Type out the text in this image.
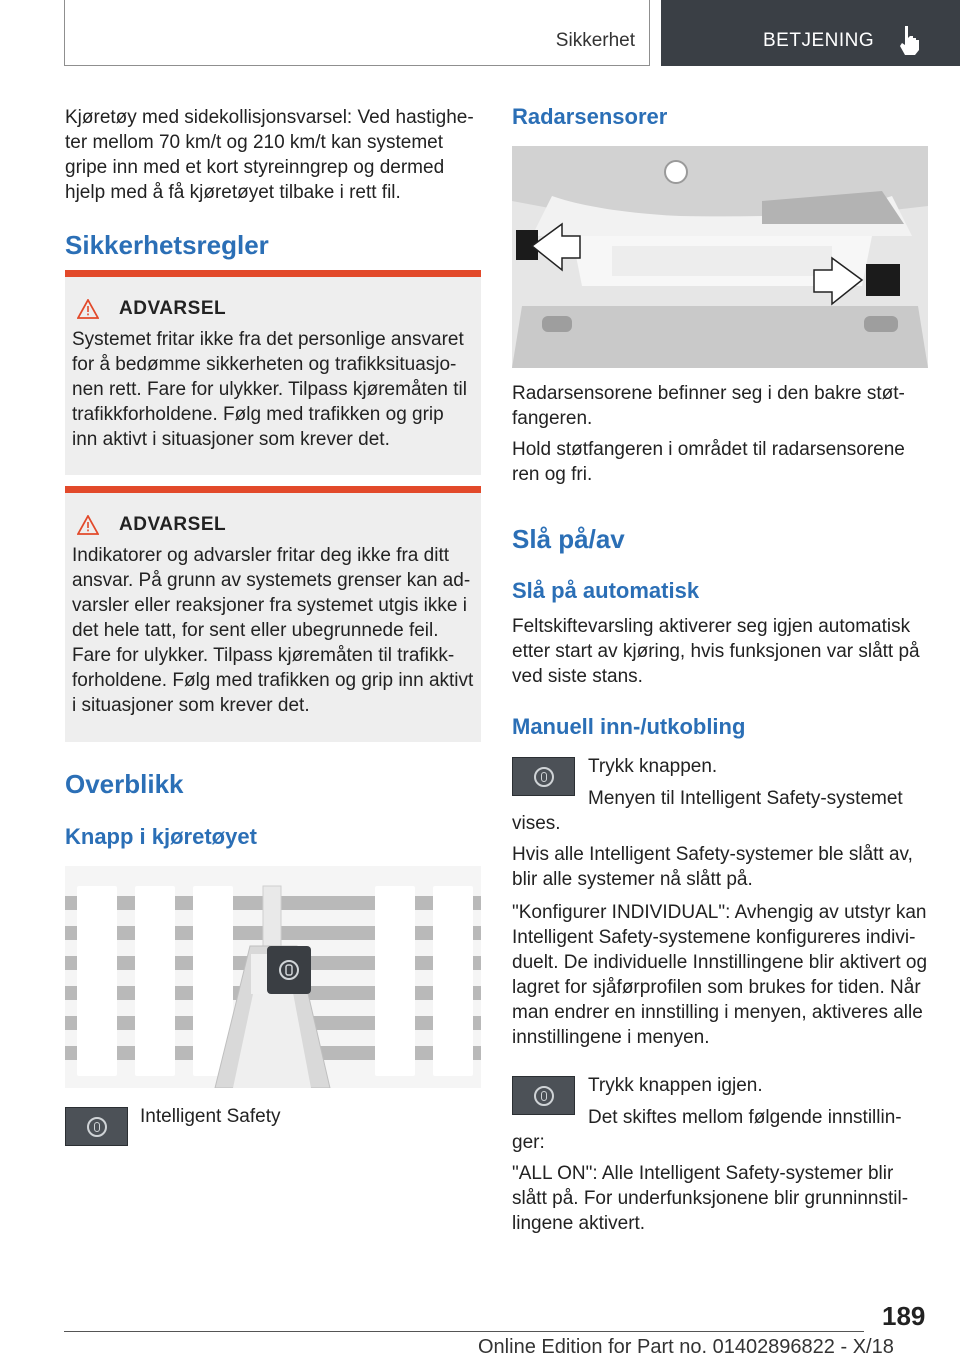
Sikkerhet	BETJENING
Kjøretøy med sidekollisjonsvarsel: Ved hastighe‐
ter mellom 70 km/t og 210 km/t kan systemet
gripe inn med et kort styreinngrep og dermed
hjelp med å få kjøretøyet tilbake i rett fil.
Sikkerhetsregler
ADVARSEL
Systemet fritar ikke fra det personlige ansvaret
for å bedømme sikkerheten og trafikksituasjo‐
nen rett. Fare for ulykker. Tilpass kjøremåten til
trafikkforholdene. Følg med trafikken og grip
inn aktivt i situasjoner som krever det.
ADVARSEL
Indikatorer og advarsler fritar deg ikke fra ditt
ansvar. På grunn av systemets grenser kan ad‐
varsler eller reaksjoner fra systemet utgis ikke i
det hele tatt, for sent eller ubegrunnede feil.
Fare for ulykker. Tilpass kjøremåten til trafikk‐
forholdene. Følg med trafikken og grip inn aktivt
i situasjoner som krever det.
Overblikk
Knapp i kjøretøyet
Intelligent Safety
Radarsensorer
Radarsensorene befinner seg i den bakre støt‐
fangeren.
Hold støtfangeren i området til radarsensorene
ren og fri.
Slå på/av
Slå på automatisk
Feltskiftevarsling aktiverer seg igjen automatisk
etter start av kjøring, hvis funksjonen var slått på
ved siste stans.
Manuell inn-/utkobling
Trykk knappen.
Menyen til Intelligent Safety-systemet
vises.
Hvis alle Intelligent Safety-systemer ble slått av,
blir alle systemer nå slått på.
"Konfigurer INDIVIDUAL": Avhengig av utstyr kan
Intelligent Safety-systemene konfigureres indivi‐
duelt. De individuelle Innstillingene blir aktivert og
lagret for sjåførprofilen som brukes for tiden. Når
man endrer en innstilling i menyen, aktiveres alle
innstillingene i menyen.
Trykk knappen igjen.
Det skiftes mellom følgende innstillin‐
ger:
"ALL ON": Alle Intelligent Safety-systemer blir
slått på. For underfunksjonene blir grunninnstil‐
lingene aktivert.
189
Online Edition for Part no. 01402896822 - X/18
